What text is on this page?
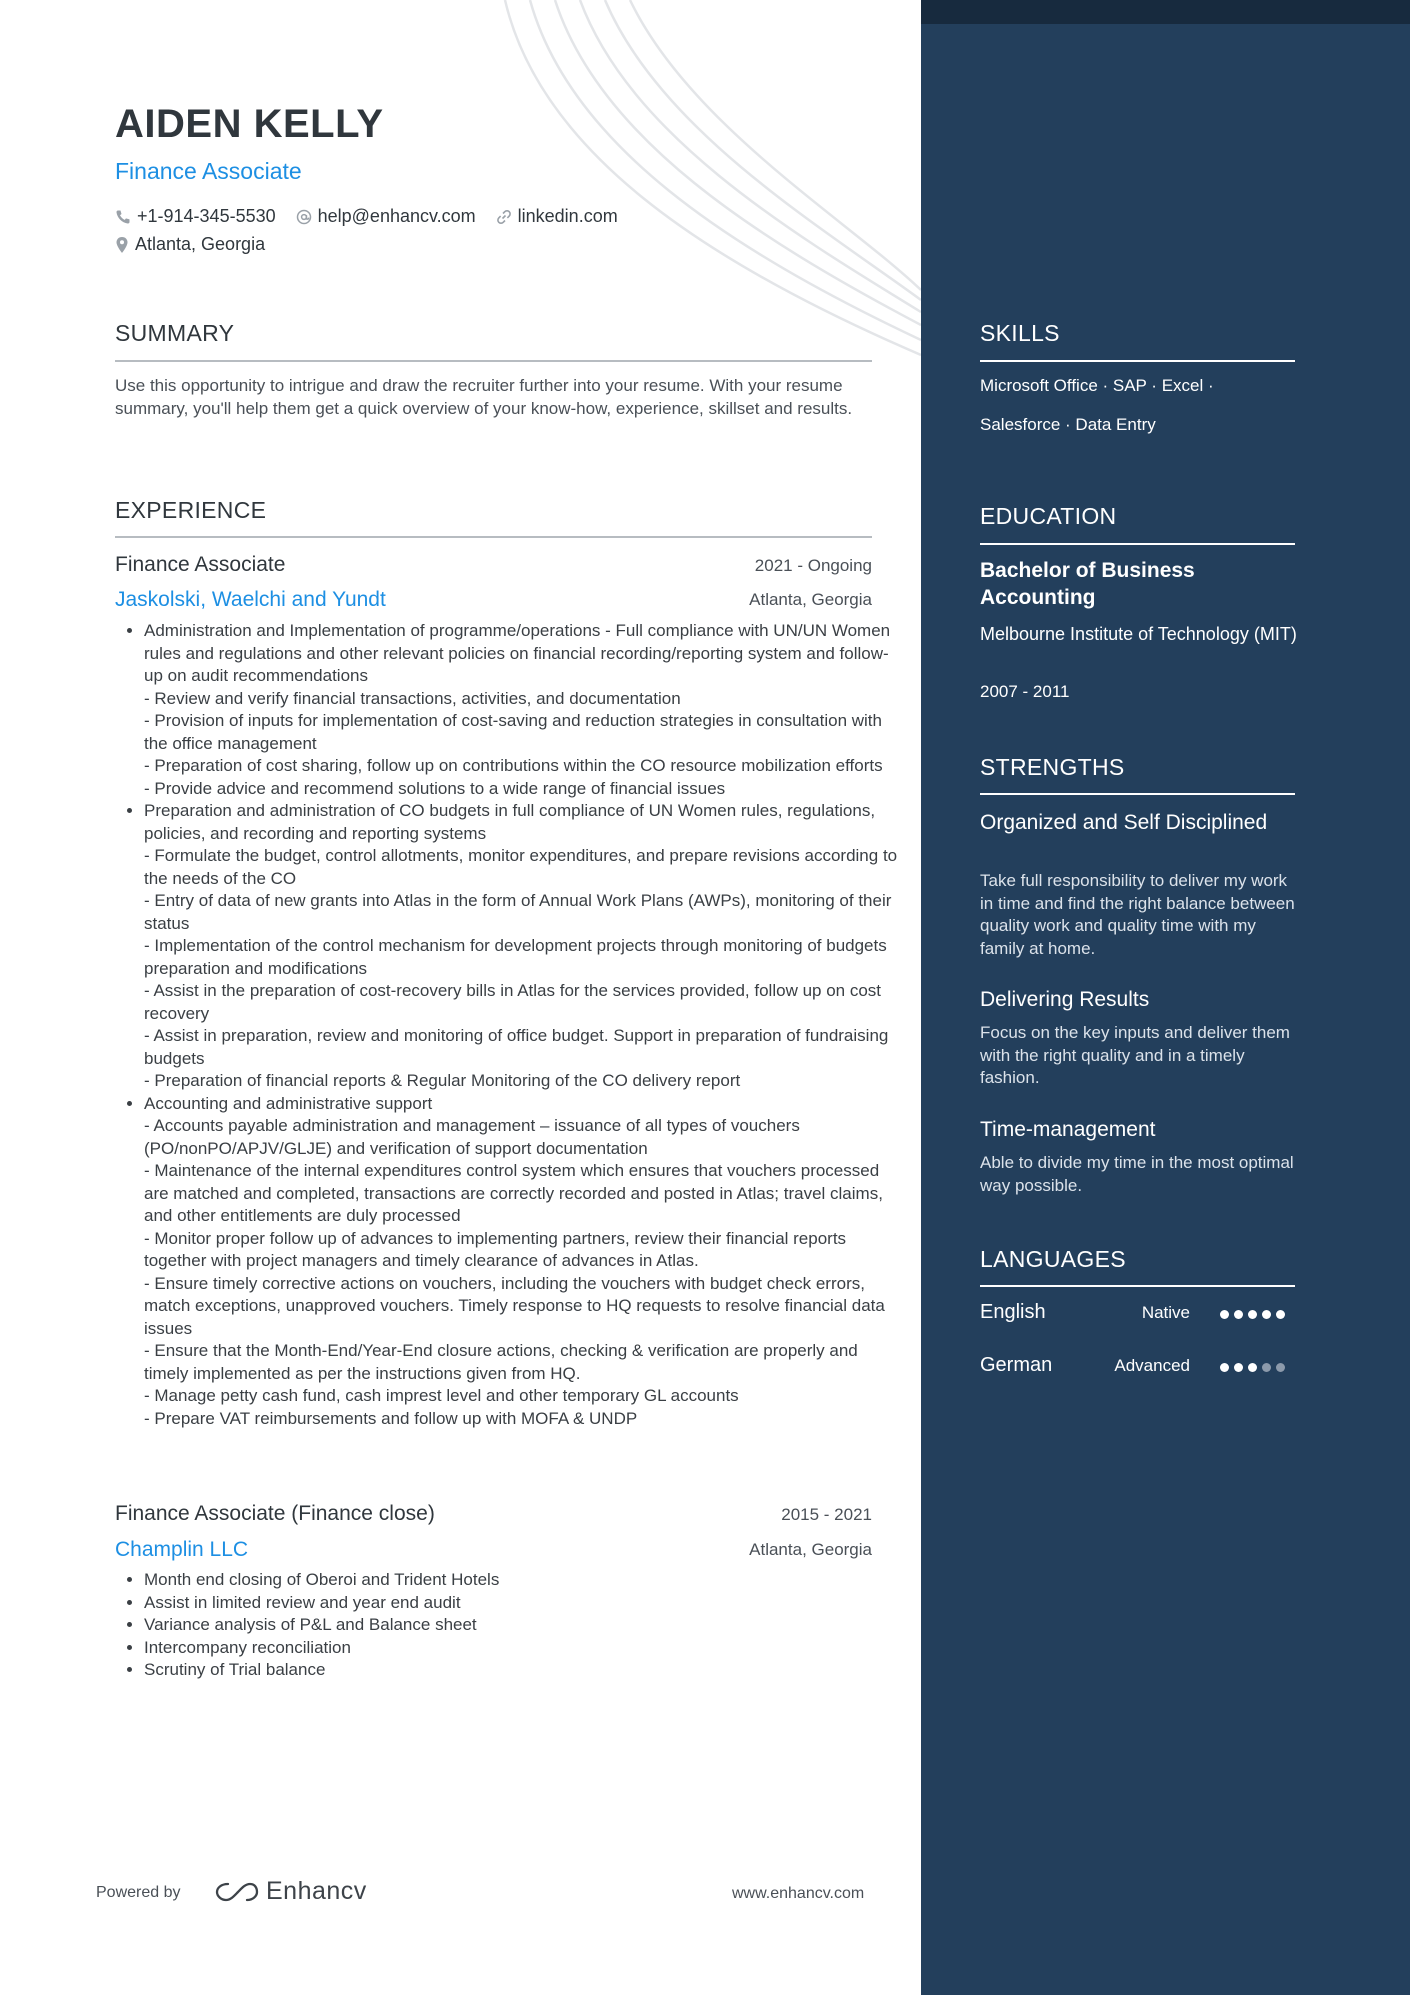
AIDEN KELLY
Finance Associate
+1-914-345-5530 help@enhancv.com linkedin.com
Atlanta, Georgia
SUMMARY
Use this opportunity to intrigue and draw the recruiter further into your resume. With your resume summary, you'll help them get a quick overview of your know-how, experience, skillset and results.
EXPERIENCE
Finance Associate	2021 - Ongoing
Jaskolski, Waelchi and Yundt	Atlanta, Georgia
• Administration and Implementation of programme/operations - Full compliance with UN/UN Women rules and regulations and other relevant policies on financial recording/reporting system and follow-up on audit recommendations
- Review and verify financial transactions, activities, and documentation
- Provision of inputs for implementation of cost-saving and reduction strategies in consultation with the office management
- Preparation of cost sharing, follow up on contributions within the CO resource mobilization efforts
- Provide advice and recommend solutions to a wide range of financial issues
• Preparation and administration of CO budgets in full compliance of UN Women rules, regulations, policies, and recording and reporting systems
- Formulate the budget, control allotments, monitor expenditures, and prepare revisions according to the needs of the CO
- Entry of data of new grants into Atlas in the form of Annual Work Plans (AWPs), monitoring of their status
- Implementation of the control mechanism for development projects through monitoring of budgets preparation and modifications
- Assist in the preparation of cost-recovery bills in Atlas for the services provided, follow up on cost recovery
- Assist in preparation, review and monitoring of office budget. Support in preparation of fundraising budgets
- Preparation of financial reports & Regular Monitoring of the CO delivery report
• Accounting and administrative support
- Accounts payable administration and management – issuance of all types of vouchers (PO/nonPO/APJV/GLJE) and verification of support documentation
- Maintenance of the internal expenditures control system which ensures that vouchers processed are matched and completed, transactions are correctly recorded and posted in Atlas; travel claims, and other entitlements are duly processed
- Monitor proper follow up of advances to implementing partners, review their financial reports together with project managers and timely clearance of advances in Atlas.
- Ensure timely corrective actions on vouchers, including the vouchers with budget check errors, match exceptions, unapproved vouchers. Timely response to HQ requests to resolve financial data issues
- Ensure that the Month-End/Year-End closure actions, checking & verification are properly and timely implemented as per the instructions given from HQ.
- Manage petty cash fund, cash imprest level and other temporary GL accounts
- Prepare VAT reimbursements and follow up with MOFA & UNDP
Finance Associate (Finance close)	2015 - 2021
Champlin LLC	Atlanta, Georgia
• Month end closing of Oberoi and Trident Hotels
• Assist in limited review and year end audit
• Variance analysis of P&L and Balance sheet
• Intercompany reconciliation
• Scrutiny of Trial balance
Powered by	Enhancv	www.enhancv.com
SKILLS
Microsoft Office · SAP · Excel ·
Salesforce · Data Entry
EDUCATION
Bachelor of Business Accounting
Melbourne Institute of Technology (MIT)
2007 - 2011
STRENGTHS
Organized and Self Disciplined
Take full responsibility to deliver my work in time and find the right balance between quality work and quality time with my family at home.
Delivering Results
Focus on the key inputs and deliver them with the right quality and in a timely fashion.
Time-management
Able to divide my time in the most optimal way possible.
LANGUAGES
English	Native
German	Advanced
